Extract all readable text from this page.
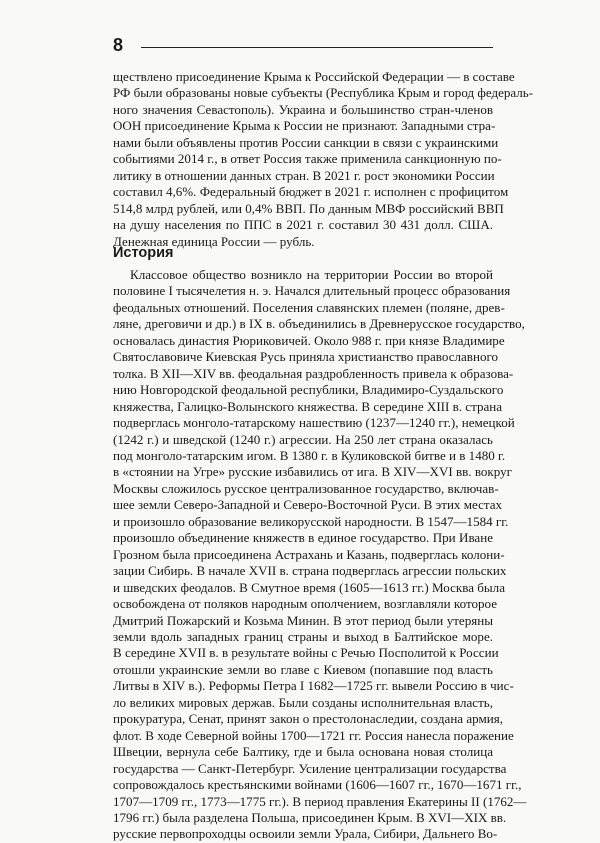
8
ществлено присоединение Крыма к Российской Федерации — в составе
РФ были образованы новые субъекты (Республика Крым и город федераль-
ного значения Севастополь). Украина и большинство стран-членов
ООН присоединение Крыма к России не признают. Западными стра-
нами были объявлены против России санкции в связи с украинскими
событиями 2014 г., в ответ Россия также применила санкционную по-
литику в отношении данных стран. В 2021 г. рост экономики России
составил 4,6%. Федеральный бюджет в 2021 г. исполнен с профицитом
514,8 млрд рублей, или 0,4% ВВП. По данным МВФ российский ВВП
на душу населения по ППС в 2021 г. составил 30 431 долл. США.
Денежная единица России — рубль.
История
Классовое общество возникло на территории России во второй
половине I тысячелетия н. э. Начался длительный процесс образования
феодальных отношений. Поселения славянских племен (поляне, древ-
ляне, дреговичи и др.) в IX в. объединились в Древнерусское государство,
основалась династия Рюриковичей. Около 988 г. при князе Владимире
Святославовиче Киевская Русь приняла христианство православного
толка. В XII—XIV вв. феодальная раздробленность привела к образова-
нию Новгородской феодальной республики, Владимиро-Суздальского
княжества, Галицко-Волынского княжества. В середине XIII в. страна
подверглась монголо-татарскому нашествию (1237—1240 гг.), немецкой
(1242 г.) и шведской (1240 г.) агрессии. На 250 лет страна оказалась
под монголо-татарским игом. В 1380 г. в Куликовской битве и в 1480 г.
в «стоянии на Угре» русские избавились от ига. В XIV—XVI вв. вокруг
Москвы сложилось русское централизованное государство, включав-
шее земли Северо-Западной и Северо-Восточной Руси. В этих местах
и произошло образование великорусской народности. В 1547—1584 гг.
произошло объединение княжеств в единое государство. При Иване
Грозном была присоединена Астрахань и Казань, подверглась колони-
зации Сибирь. В начале XVII в. страна подверглась агрессии польских
и шведских феодалов. В Смутное время (1605—1613 гг.) Москва была
освобождена от поляков народным ополчением, возглавляли которое
Дмитрий Пожарский и Козьма Минин. В этот период были утеряны
земли вдоль западных границ страны и выход в Балтийское море.
В середине XVII в. в результате войны с Речью Посполитой к России
отошли украинские земли во главе с Киевом (попавшие под власть
Литвы в XIV в.). Реформы Петра I 1682—1725 гг. вывели Россию в чис-
ло великих мировых держав. Были созданы исполнительная власть,
прокуратура, Сенат, принят закон о престолонаследии, создана армия,
флот. В ходе Северной войны 1700—1721 гг. Россия нанесла поражение
Швеции, вернула себе Балтику, где и была основана новая столица
государства — Санкт-Петербург. Усиление централизации государства
сопровождалось крестьянскими войнами (1606—1607 гг., 1670—1671 гг.,
1707—1709 гг., 1773—1775 гг.). В период правления Екатерины II (1762—
1796 гг.) была разделена Польша, присоединен Крым. В XVI—XIX вв.
русские первопроходцы освоили земли Урала, Сибири, Дальнего Во-
